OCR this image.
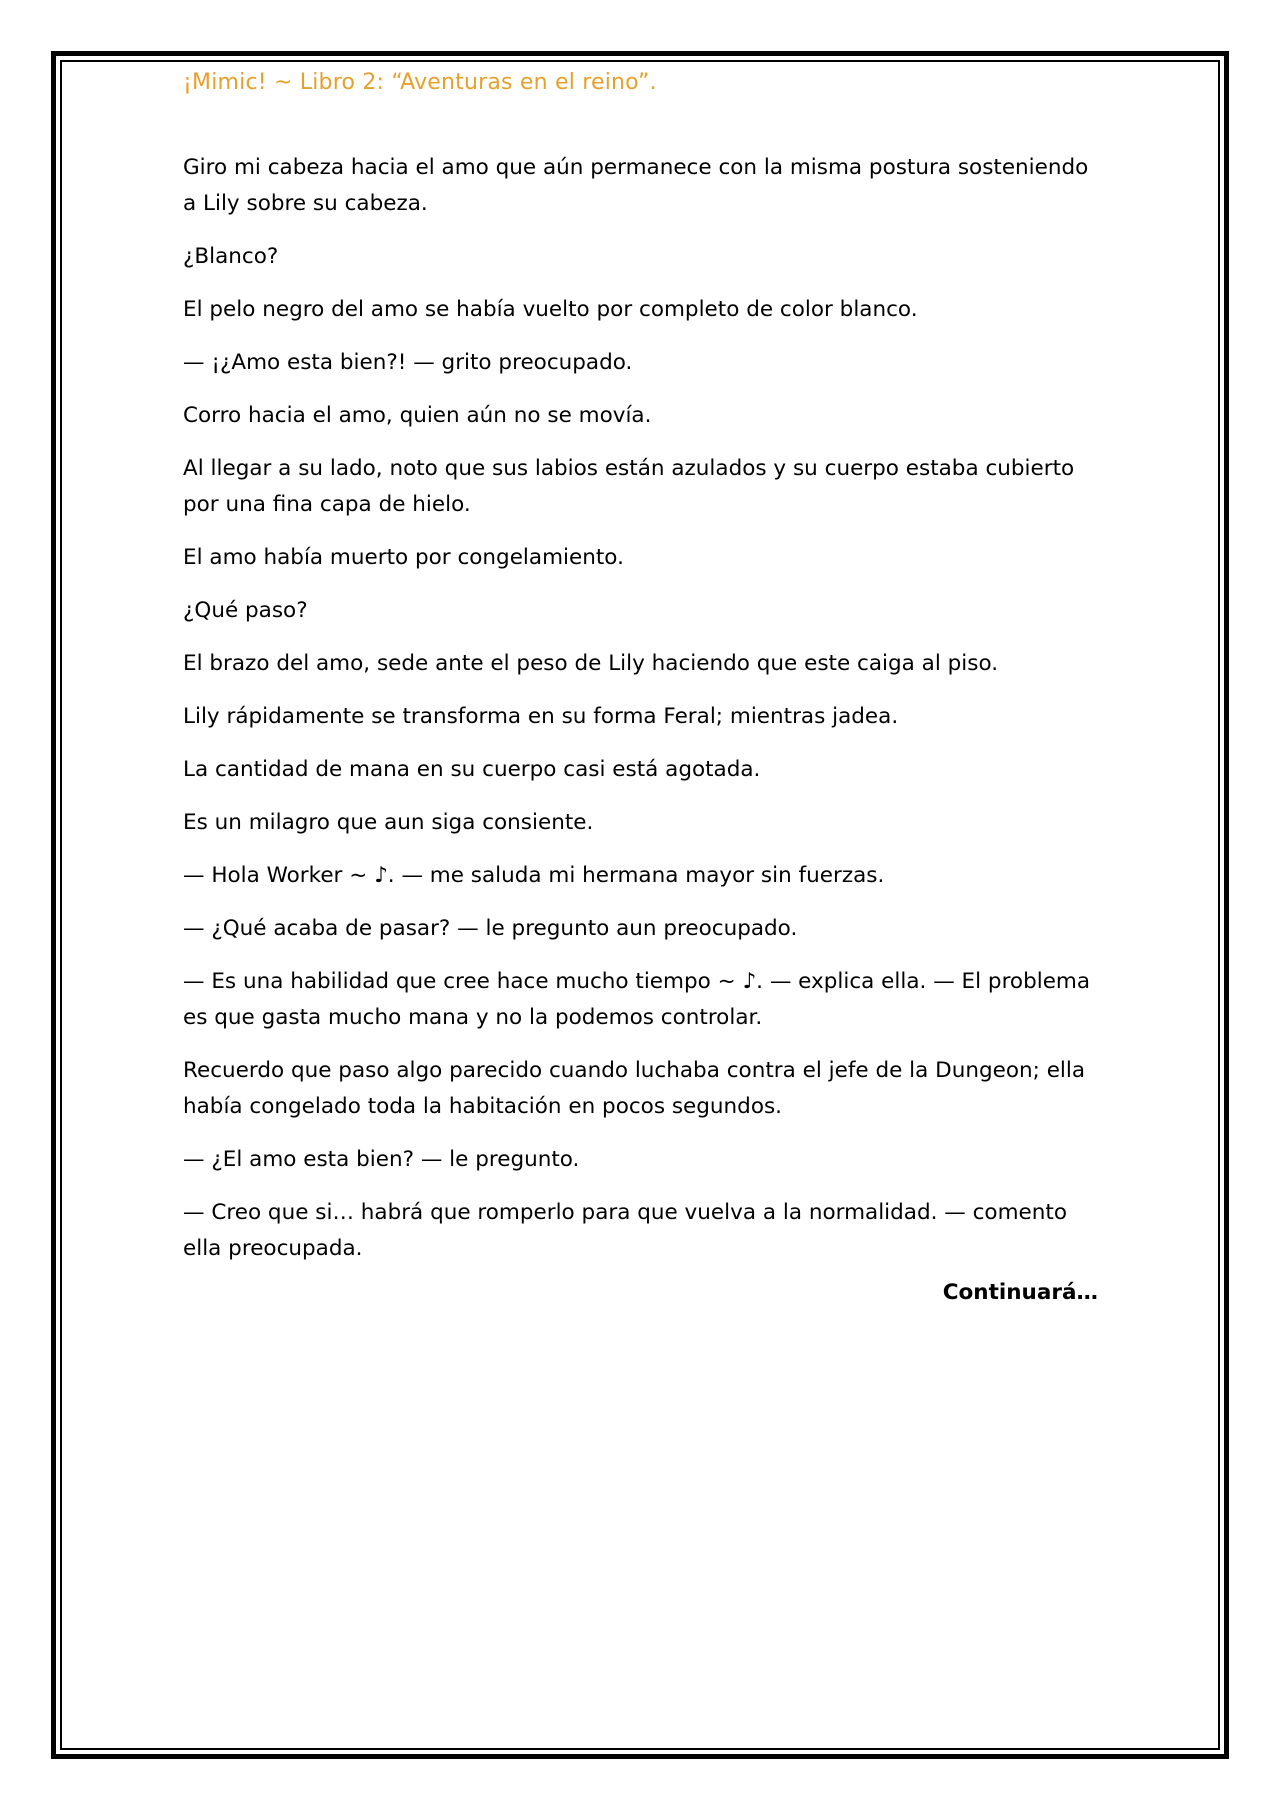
¡Mimic! ~ Libro 2: “Aventuras en el reino”.

Giro mi cabeza hacia el amo que aún permanece con la misma postura sosteniendo a Lily sobre su cabeza.

¿Blanco?

El pelo negro del amo se había vuelto por completo de color blanco.

— ¡¿Amo esta bien?! — grito preocupado.

Corro hacia el amo, quien aún no se movía.

Al llegar a su lado, noto que sus labios están azulados y su cuerpo estaba cubierto por una fina capa de hielo.

El amo había muerto por congelamiento.

¿Qué paso?

El brazo del amo, sede ante el peso de Lily haciendo que este caiga al piso.

Lily rápidamente se transforma en su forma Feral; mientras jadea.

La cantidad de mana en su cuerpo casi está agotada.

Es un milagro que aun siga consiente.

— Hola Worker ~ ♪. — me saluda mi hermana mayor sin fuerzas.

— ¿Qué acaba de pasar? — le pregunto aun preocupado.

— Es una habilidad que cree hace mucho tiempo ~ ♪. — explica ella. — El problema es que gasta mucho mana y no la podemos controlar.

Recuerdo que paso algo parecido cuando luchaba contra el jefe de la Dungeon; ella había congelado toda la habitación en pocos segundos.

— ¿El amo esta bien? — le pregunto.

— Creo que si… habrá que romperlo para que vuelva a la normalidad. — comento ella preocupada.

Continuará…
